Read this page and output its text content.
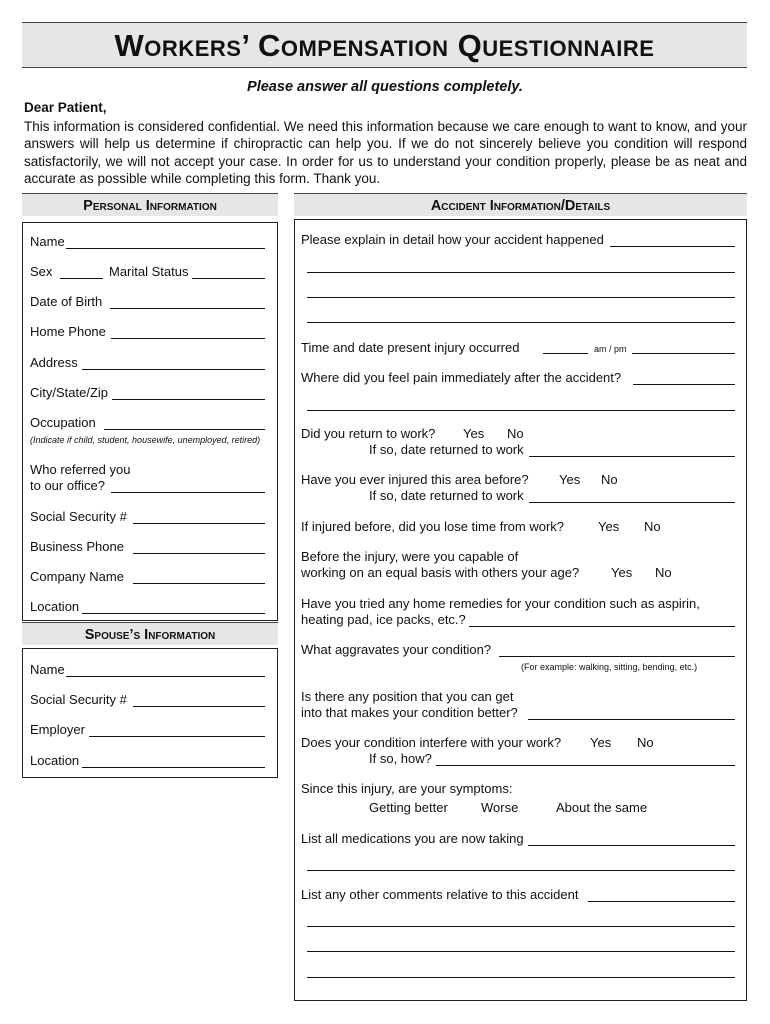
Workers’ Compensation Questionnaire
Please answer all questions completely.
Dear Patient,
This information is considered confidential. We need this information because we care enough to want to know, and your answers will help us determine if chiropractic can help you. If we do not sincerely believe you condition will respond satisfactorily, we will not accept your case. In order for us to understand your condition properly, please be as neat and accurate as possible while completing this form. Thank you.
Personal Information
Name
Sex	Marital Status
Date of Birth
Home Phone
Address
City/State/Zip
Occupation
(Indicate if child, student, housewife, unemployed, retired)
Who referred you
to our office?
Social Security #
Business Phone
Company Name
Location
Spouse’s Information
Name
Social Security #
Employer
Location
Accident Information/Details
Please explain in detail how your accident happened
Time and date present injury occurred	am / pm
Where did you feel pain immediately after the accident?
Did you return to work? Yes No
If so, date returned to work
Have you ever injured this area before? Yes No
If so, date returned to work
If injured before, did you lose time from work?	Yes No
Before the injury, were you capable of
working on an equal basis with others your age? Yes No
Have you tried any home remedies for your condition such as aspirin,
heating pad, ice packs, etc.?
What aggravates your condition?
(For example: walking, sitting, bending, etc.)
Is there any position that you can get
into that makes your condition better?
Does your condition interfere with your work? Yes No
If so, how?
Since this injury, are your symptoms:
Getting better	Worse	About the same
List all medications you are now taking
List any other comments relative to this accident
